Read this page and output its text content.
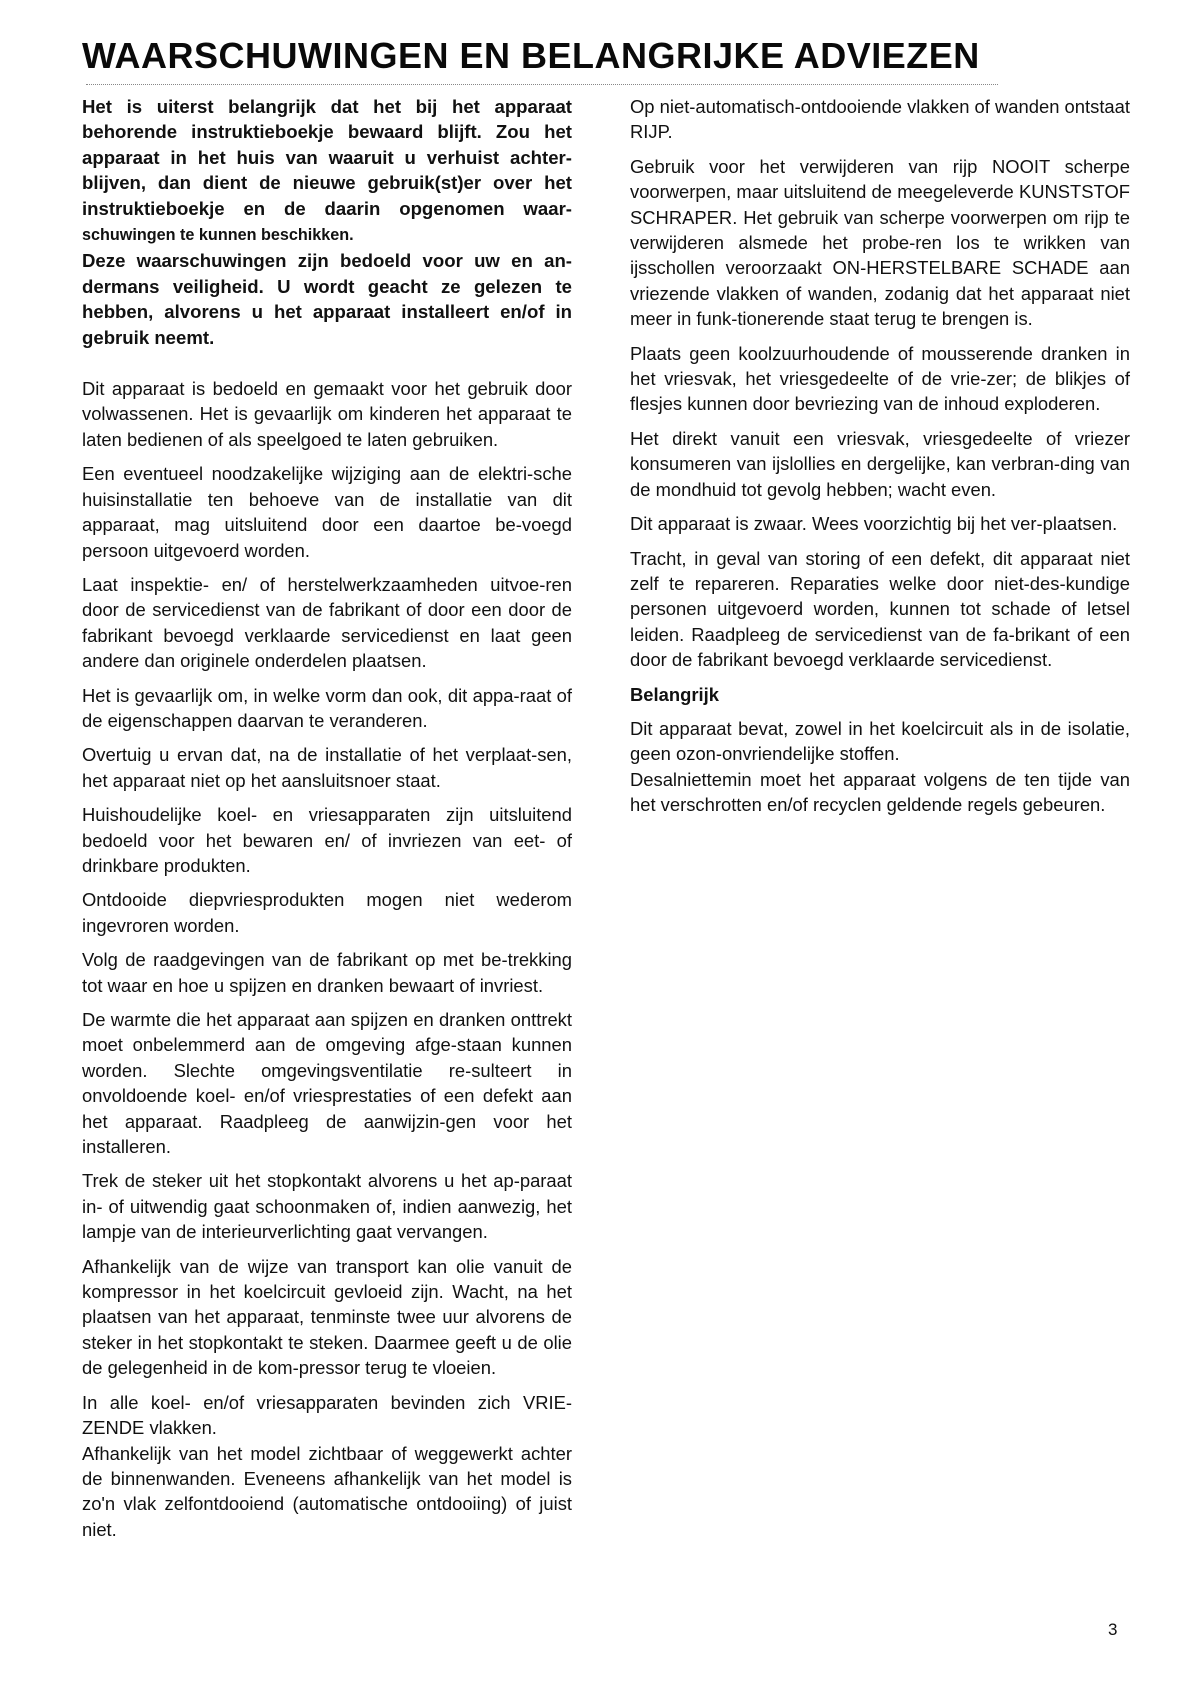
WAARSCHUWINGEN EN BELANGRIJKE ADVIEZEN

Het is uiterst belangrijk dat het bij het apparaat behorende instruktieboekje bewaard blijft. Zou het apparaat in het huis van waaruit u verhuist achter-blijven, dan dient de nieuwe gebruik(st)er over het instruktieboekje en de daarin opgenomen waar- schuwingen te kunnen beschikken.

Deze waarschuwingen zijn bedoeld voor uw en an-dermans veiligheid. U wordt geacht ze gelezen te hebben, alvorens u het apparaat installeert en/of in gebruik neemt.

Dit apparaat is bedoeld en gemaakt voor het gebruik door volwassenen. Het is gevaarlijk om kinderen het apparaat te laten bedienen of als speelgoed te laten gebruiken.

Een eventueel noodzakelijke wijziging aan de elektri-sche huisinstallatie ten behoeve van de installatie van dit apparaat, mag uitsluitend door een daartoe be-voegd persoon uitgevoerd worden.

Laat inspektie- en/ of herstelwerkzaamheden uitvoe-ren door de servicedienst van de fabrikant of door een door de fabrikant bevoegd verklaarde servicedienst en laat geen andere dan originele onderdelen plaatsen.

Het is gevaarlijk om, in welke vorm dan ook, dit appa-raat of de eigenschappen daarvan te veranderen.

Overtuig u ervan dat, na de installatie of het verplaat-sen, het apparaat niet op het aansluitsnoer staat.

Huishoudelijke koel- en vriesapparaten zijn uitsluitend bedoeld voor het bewaren en/ of invriezen van eet- of drinkbare produkten.

Ontdooide diepvriesprodukten mogen niet wederom ingevroren worden.

Volg de raadgevingen van de fabrikant op met be-trekking tot waar en hoe u spijzen en dranken bewaart of invriest.

De warmte die het apparaat aan spijzen en dranken onttrekt moet onbelemmerd aan de omgeving afge-staan kunnen worden. Slechte omgevingsventilatie re-sulteert in onvoldoende koel- en/of vriesprestaties of een defekt aan het apparaat. Raadpleeg de aanwijzin-gen voor het installeren.

Trek de steker uit het stopkontakt alvorens u het ap-paraat in- of uitwendig gaat schoonmaken of, indien aanwezig, het lampje van de interieurverlichting gaat vervangen.

Afhankelijk van de wijze van transport kan olie vanuit de kompressor in het koelcircuit gevloeid zijn. Wacht, na het plaatsen van het apparaat, tenminste twee uur alvorens de steker in het stopkontakt te steken. Daarmee geeft u de olie de gelegenheid in de kom-pressor terug te vloeien.

In alle koel- en/of vriesapparaten bevinden zich VRIE-ZENDE vlakken.

Afhankelijk van het model zichtbaar of weggewerkt achter de binnenwanden. Eveneens afhankelijk van het model is zo'n vlak zelfontdooiend (automatische ontdooiing) of juist niet.

Op niet-automatisch-ontdooiende vlakken of wanden ontstaat RIJP.

Gebruik voor het verwijderen van rijp NOOIT scherpe voorwerpen, maar uitsluitend de meegeleverde KUNSTSTOF SCHRAPER. Het gebruik van scherpe voorwerpen om rijp te verwijderen alsmede het probe-ren los te wrikken van ijsschollen veroorzaakt ON-HERSTELBARE SCHADE aan vriezende vlakken of wanden, zodanig dat het apparaat niet meer in funk-tionerende staat terug te brengen is.

Plaats geen koolzuurhoudende of mousserende dranken in het vriesvak, het vriesgedeelte of de vrie-zer; de blikjes of flesjes kunnen door bevriezing van de inhoud exploderen.

Het direkt vanuit een vriesvak, vriesgedeelte of vriezer konsumeren van ijslollies en dergelijke, kan verbran-ding van de mondhuid tot gevolg hebben; wacht even.

Dit apparaat is zwaar. Wees voorzichtig bij het ver-plaatsen.

Tracht, in geval van storing of een defekt, dit apparaat niet zelf te repareren. Reparaties welke door niet-des-kundige personen uitgevoerd worden, kunnen tot schade of letsel leiden. Raadpleeg de servicedienst van de fa-brikant of een door de fabrikant bevoegd verklaarde servicedienst.

Belangrijk

Dit apparaat bevat, zowel in het koelcircuit als in de isolatie, geen ozon-onvriendelijke stoffen.

Desalniettemin moet het apparaat volgens de ten tijde van het verschrotten en/of recyclen geldende regels gebeuren.

3
